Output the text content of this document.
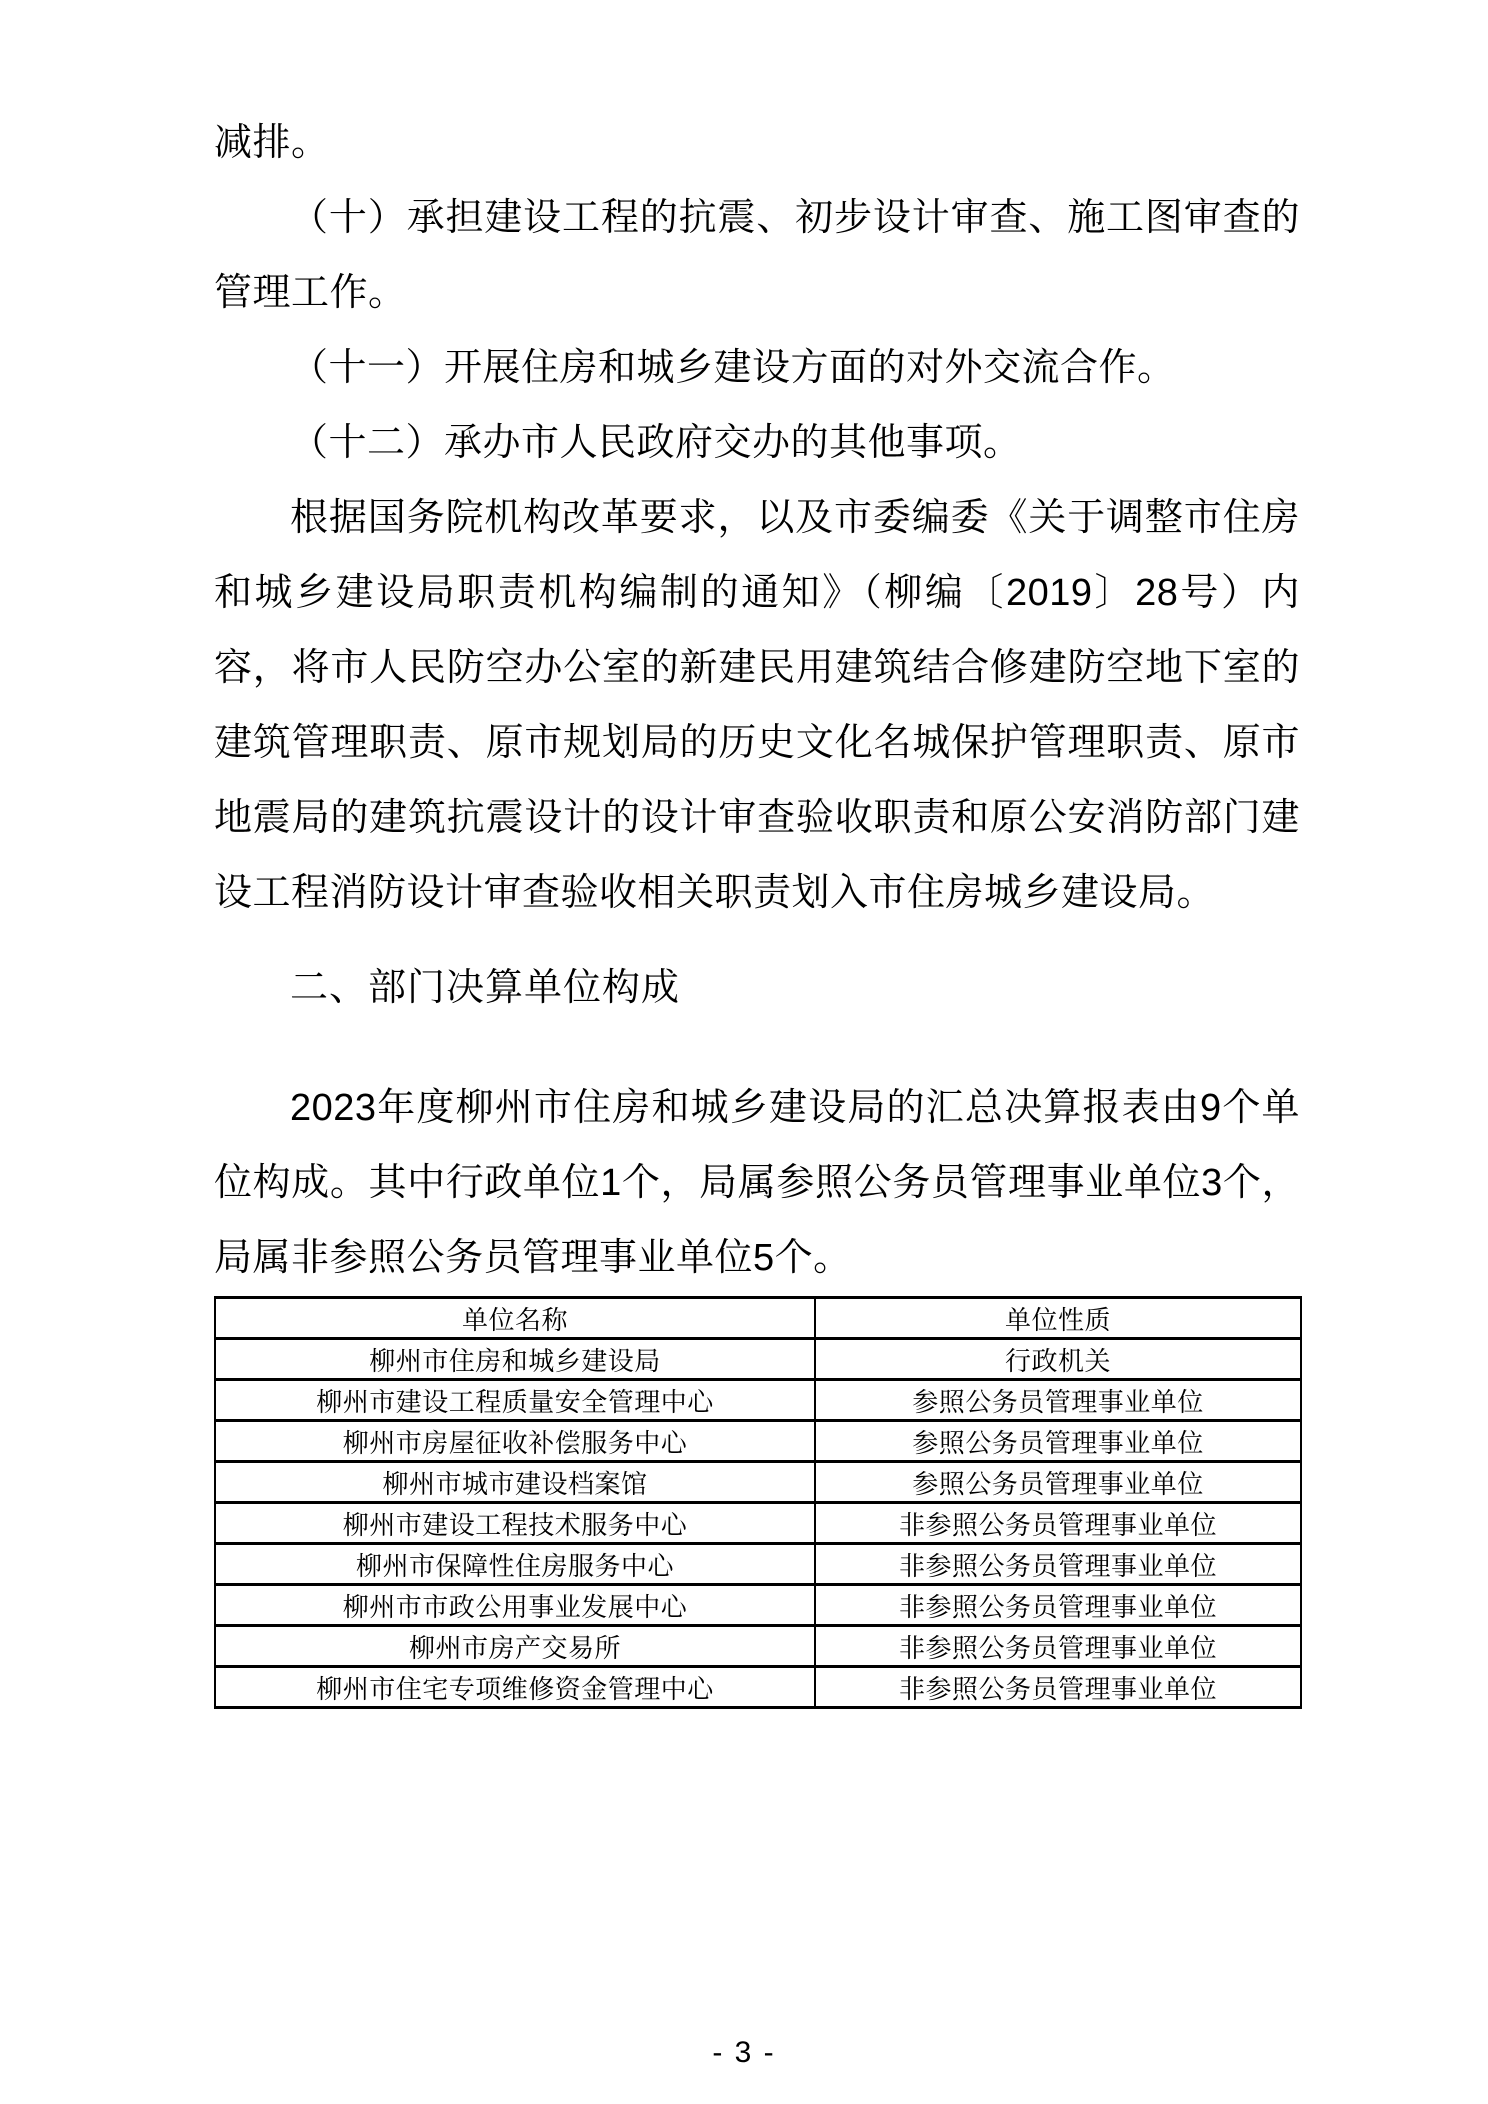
减排。

（十）承担建设工程的抗震、初步设计审查、施工图审查的管理工作。

（十一）开展住房和城乡建设方面的对外交流合作。

（十二）承办市人民政府交办的其他事项。

根据国务院机构改革要求，以及市委编委《关于调整市住房和城乡建设局职责机构编制的通知》（柳编〔2019〕28号）内容，将市人民防空办公室的新建民用建筑结合修建防空地下室的建筑管理职责、原市规划局的历史文化名城保护管理职责、原市地震局的建筑抗震设计的设计审查验收职责和原公安消防部门建设工程消防设计审查验收相关职责划入市住房城乡建设局。

二、部门决算单位构成

2023年度柳州市住房和城乡建设局的汇总决算报表由9个单位构成。其中行政单位1个，局属参照公务员管理事业单位3个，局属非参照公务员管理事业单位5个。

单位名称	单位性质
柳州市住房和城乡建设局	行政机关
柳州市建设工程质量安全管理中心	参照公务员管理事业单位
柳州市房屋征收补偿服务中心	参照公务员管理事业单位
柳州市城市建设档案馆	参照公务员管理事业单位
柳州市建设工程技术服务中心	非参照公务员管理事业单位
柳州市保障性住房服务中心	非参照公务员管理事业单位
柳州市市政公用事业发展中心	非参照公务员管理事业单位
柳州市房产交易所	非参照公务员管理事业单位
柳州市住宅专项维修资金管理中心	非参照公务员管理事业单位
- 3 -
